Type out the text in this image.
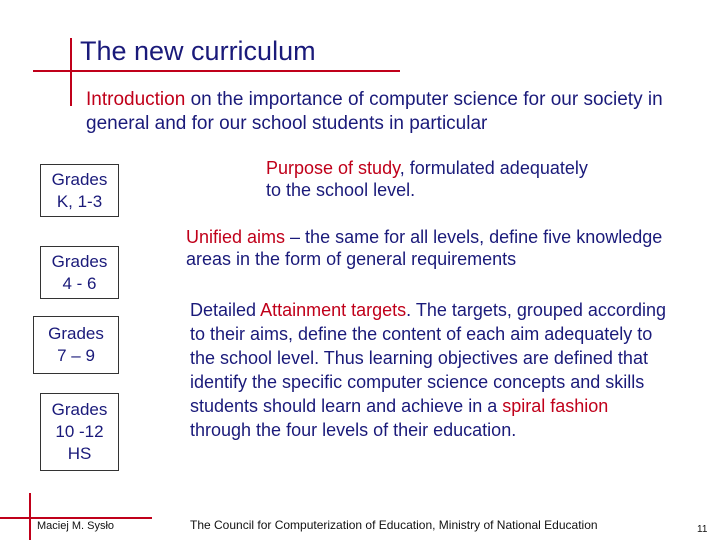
The new curriculum
Introduction on the importance of computer science for our society in general and for our school students in particular
Grades
K, 1-3
Grades
4 - 6
Grades
7 – 9
Grades
10 -12
HS
Purpose of study, formulated adequately to the school level.
Unified aims – the same for all levels, define five knowledge areas in the form of general requirements
Detailed Attainment targets. The targets, grouped according to their aims, define the content of each aim adequately to the school level. Thus learning objectives are defined that identify the specific computer science concepts and skills students should learn and achieve in a spiral fashion through the four levels of their education.
Maciej M. Sysło	The Council for Computerization of Education, Ministry of National Education	11
